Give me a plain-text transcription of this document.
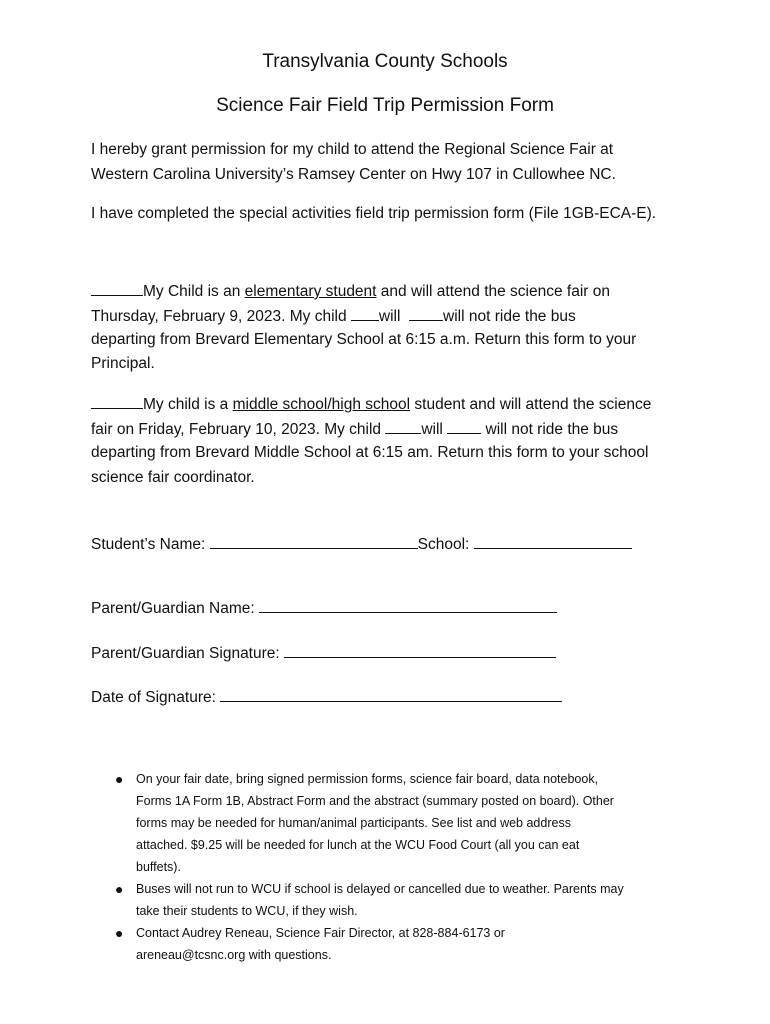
Transylvania County Schools
Science Fair Field Trip Permission Form
I hereby grant permission for my child to attend the Regional Science Fair at
Western Carolina University’s Ramsey Center on Hwy 107 in Cullowhee NC.
I have completed the special activities field trip permission form (File 1GB-ECA-E).
My Child is an elementary student and will attend the science fair on
Thursday, February 9, 2023. My child will	will not ride the bus
departing from Brevard Elementary School at 6:15 a.m. Return this form to your
Principal.
My child is a middle school/high school student and will attend the science
fair on Friday, February 10, 2023. My child will  will not ride the bus
departing from Brevard Middle School at 6:15 am. Return this form to your school
science fair coordinator.
Student’s Name:	School:
Parent/Guardian Name:
Parent/Guardian Signature:
Date of Signature:
● On your fair date, bring signed permission forms, science fair board, data notebook,
Forms 1A Form 1B, Abstract Form and the abstract (summary posted on board). Other
forms may be needed for human/animal participants. See list and web address
attached. $9.25 will be needed for lunch at the WCU Food Court (all you can eat
buffets).
● Buses will not run to WCU if school is delayed or cancelled due to weather. Parents may
take their students to WCU, if they wish.
● Contact Audrey Reneau, Science Fair Director, at 828-884-6173 or
areneau@tcsnc.org with questions.
